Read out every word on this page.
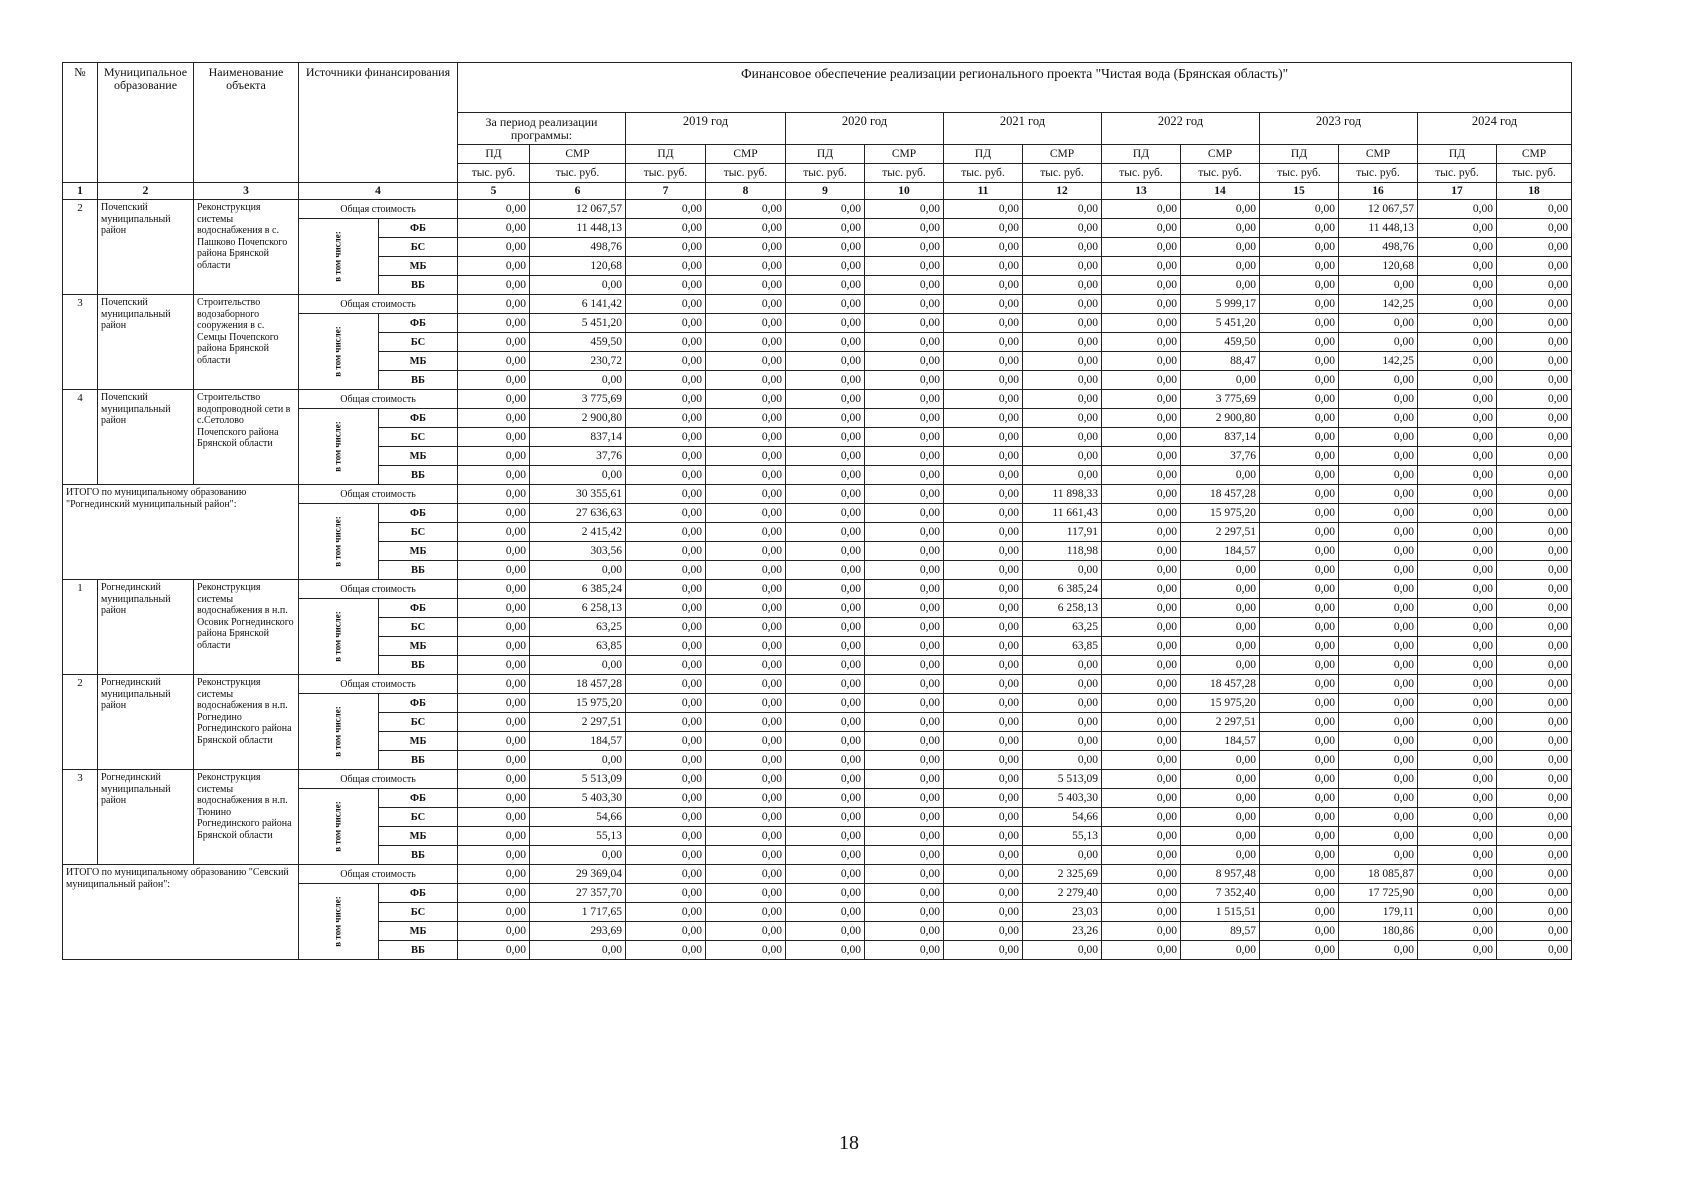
№	Муниципальное образование	Наименование объекта	Источники финансирования		Финансовое обеспечение реализации регионального проекта "Чистая вода (Брянская область)"													
					За период реализации программы:		2019 год		2020 год		2021 год		2022 год		2023 год		2024 год	
					ПД	СМР	ПД	СМР	ПД	СМР	ПД	СМР	ПД	СМР	ПД	СМР	ПД	СМР
					тыс. руб.	тыс. руб.	тыс. руб.	тыс. руб.	тыс. руб.	тыс. руб.	тыс. руб.	тыс. руб.	тыс. руб.	тыс. руб.	тыс. руб.	тыс. руб.	тыс. руб.	тыс. руб.
1	2	3	4		5	6	7	8	9	10	11	12	13	14	15	16	17	18
2	Почепский муниципальный район	Реконструкция системы водоснабжения в с. Пашково Почепского района Брянской области	Общая стоимость		0,00	12 067,57	0,00	0,00	0,00	0,00	0,00	0,00	0,00	0,00	0,00	12 067,57	0,00	0,00
			в том числе:	ФБ	0,00	11 448,13	0,00	0,00	0,00	0,00	0,00	0,00	0,00	0,00	0,00	11 448,13	0,00	0,00
				БС	0,00	498,76	0,00	0,00	0,00	0,00	0,00	0,00	0,00	0,00	0,00	498,76	0,00	0,00
				МБ	0,00	120,68	0,00	0,00	0,00	0,00	0,00	0,00	0,00	0,00	0,00	120,68	0,00	0,00
				ВБ	0,00	0,00	0,00	0,00	0,00	0,00	0,00	0,00	0,00	0,00	0,00	0,00	0,00	0,00
3	Почепский муниципальный район	Строительство водозаборного сооружения в с. Семцы Почепского района Брянской области	Общая стоимость		0,00	6 141,42	0,00	0,00	0,00	0,00	0,00	0,00	0,00	5 999,17	0,00	142,25	0,00	0,00
			в том числе:	ФБ	0,00	5 451,20	0,00	0,00	0,00	0,00	0,00	0,00	0,00	5 451,20	0,00	0,00	0,00	0,00
				БС	0,00	459,50	0,00	0,00	0,00	0,00	0,00	0,00	0,00	459,50	0,00	0,00	0,00	0,00
				МБ	0,00	230,72	0,00	0,00	0,00	0,00	0,00	0,00	0,00	88,47	0,00	142,25	0,00	0,00
				ВБ	0,00	0,00	0,00	0,00	0,00	0,00	0,00	0,00	0,00	0,00	0,00	0,00	0,00	0,00
4	Почепский муниципальный район	Строительство водопроводной сети в с.Сетолово Почепского района Брянской области	Общая стоимость		0,00	3 775,69	0,00	0,00	0,00	0,00	0,00	0,00	0,00	3 775,69	0,00	0,00	0,00	0,00
			в том числе:	ФБ	0,00	2 900,80	0,00	0,00	0,00	0,00	0,00	0,00	0,00	2 900,80	0,00	0,00	0,00	0,00
				БС	0,00	837,14	0,00	0,00	0,00	0,00	0,00	0,00	0,00	837,14	0,00	0,00	0,00	0,00
				МБ	0,00	37,76	0,00	0,00	0,00	0,00	0,00	0,00	0,00	37,76	0,00	0,00	0,00	0,00
				ВБ	0,00	0,00	0,00	0,00	0,00	0,00	0,00	0,00	0,00	0,00	0,00	0,00	0,00	0,00
ИТОГО по муниципальному образованию "Рогнединский муниципальный район":			Общая стоимость		0,00	30 355,61	0,00	0,00	0,00	0,00	0,00	11 898,33	0,00	18 457,28	0,00	0,00	0,00	0,00
			в том числе:	ФБ	0,00	27 636,63	0,00	0,00	0,00	0,00	0,00	11 661,43	0,00	15 975,20	0,00	0,00	0,00	0,00
				БС	0,00	2 415,42	0,00	0,00	0,00	0,00	0,00	117,91	0,00	2 297,51	0,00	0,00	0,00	0,00
				МБ	0,00	303,56	0,00	0,00	0,00	0,00	0,00	118,98	0,00	184,57	0,00	0,00	0,00	0,00
				ВБ	0,00	0,00	0,00	0,00	0,00	0,00	0,00	0,00	0,00	0,00	0,00	0,00	0,00	0,00
1	Рогнединский муниципальный район	Реконструкция системы водоснабжения в н.п. Осовик Рогнединского района Брянской области	Общая стоимость		0,00	6 385,24	0,00	0,00	0,00	0,00	0,00	6 385,24	0,00	0,00	0,00	0,00	0,00	0,00
			в том числе:	ФБ	0,00	6 258,13	0,00	0,00	0,00	0,00	0,00	6 258,13	0,00	0,00	0,00	0,00	0,00	0,00
				БС	0,00	63,25	0,00	0,00	0,00	0,00	0,00	63,25	0,00	0,00	0,00	0,00	0,00	0,00
				МБ	0,00	63,85	0,00	0,00	0,00	0,00	0,00	63,85	0,00	0,00	0,00	0,00	0,00	0,00
				ВБ	0,00	0,00	0,00	0,00	0,00	0,00	0,00	0,00	0,00	0,00	0,00	0,00	0,00	0,00
2	Рогнединский муниципальный район	Реконструкция системы водоснабжения в н.п. Рогнедино Рогнединского района Брянской области	Общая стоимость		0,00	18 457,28	0,00	0,00	0,00	0,00	0,00	0,00	0,00	18 457,28	0,00	0,00	0,00	0,00
			в том числе:	ФБ	0,00	15 975,20	0,00	0,00	0,00	0,00	0,00	0,00	0,00	15 975,20	0,00	0,00	0,00	0,00
				БС	0,00	2 297,51	0,00	0,00	0,00	0,00	0,00	0,00	0,00	2 297,51	0,00	0,00	0,00	0,00
				МБ	0,00	184,57	0,00	0,00	0,00	0,00	0,00	0,00	0,00	184,57	0,00	0,00	0,00	0,00
				ВБ	0,00	0,00	0,00	0,00	0,00	0,00	0,00	0,00	0,00	0,00	0,00	0,00	0,00	0,00
3	Рогнединский муниципальный район	Реконструкция системы водоснабжения в н.п. Тюнино Рогнединского района Брянской области	Общая стоимость		0,00	5 513,09	0,00	0,00	0,00	0,00	0,00	5 513,09	0,00	0,00	0,00	0,00	0,00	0,00
			в том числе:	ФБ	0,00	5 403,30	0,00	0,00	0,00	0,00	0,00	5 403,30	0,00	0,00	0,00	0,00	0,00	0,00
				БС	0,00	54,66	0,00	0,00	0,00	0,00	0,00	54,66	0,00	0,00	0,00	0,00	0,00	0,00
				МБ	0,00	55,13	0,00	0,00	0,00	0,00	0,00	55,13	0,00	0,00	0,00	0,00	0,00	0,00
				ВБ	0,00	0,00	0,00	0,00	0,00	0,00	0,00	0,00	0,00	0,00	0,00	0,00	0,00	0,00
ИТОГО по муниципальному образованию "Севский муниципальный район":			Общая стоимость		0,00	29 369,04	0,00	0,00	0,00	0,00	0,00	2 325,69	0,00	8 957,48	0,00	18 085,87	0,00	0,00
			в том числе:	ФБ	0,00	27 357,70	0,00	0,00	0,00	0,00	0,00	2 279,40	0,00	7 352,40	0,00	17 725,90	0,00	0,00
				БС	0,00	1 717,65	0,00	0,00	0,00	0,00	0,00	23,03	0,00	1 515,51	0,00	179,11	0,00	0,00
				МБ	0,00	293,69	0,00	0,00	0,00	0,00	0,00	23,26	0,00	89,57	0,00	180,86	0,00	0,00
				ВБ	0,00	0,00	0,00	0,00	0,00	0,00	0,00	0,00	0,00	0,00	0,00	0,00	0,00	0,00
18
